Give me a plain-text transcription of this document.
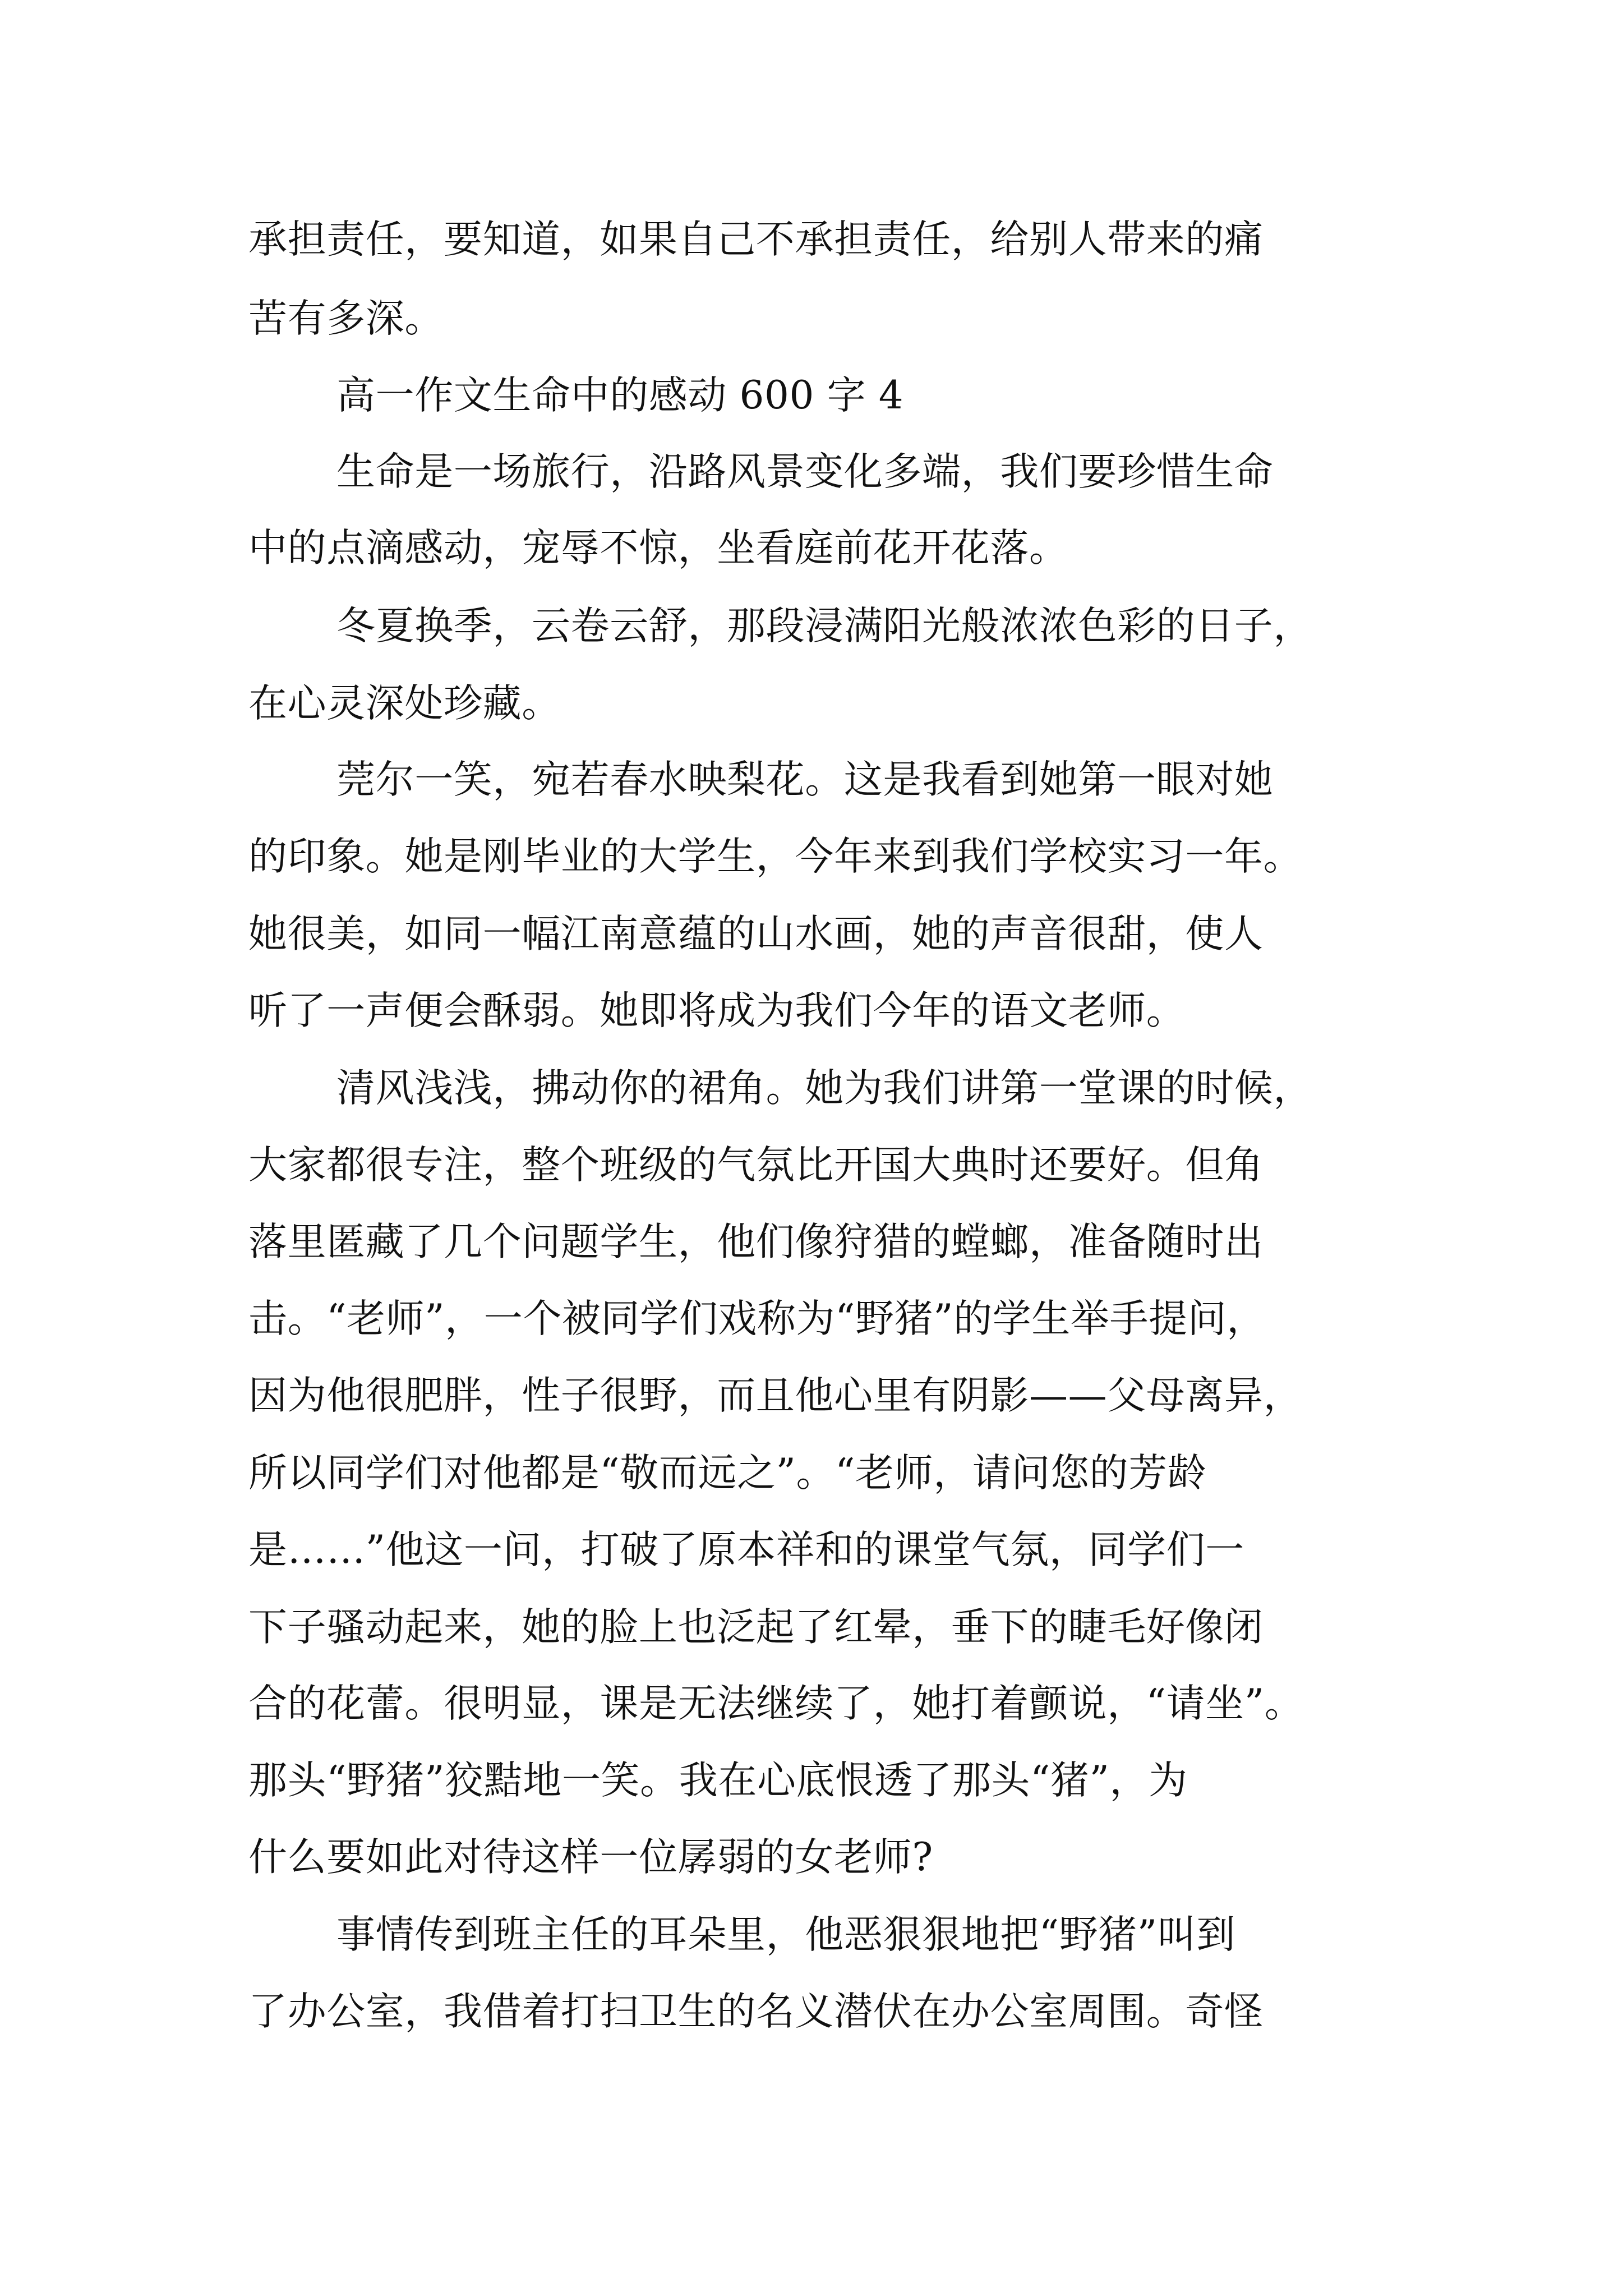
承担责任，要知道，如果自己不承担责任，给别人带来的痛
苦有多深。
高一作文生命中的感动 600 字 4
生命是一场旅行，沿路风景变化多端，我们要珍惜生命
中的点滴感动，宠辱不惊，坐看庭前花开花落。
冬夏换季，云卷云舒，那段浸满阳光般浓浓色彩的日子，
在心灵深处珍藏。
莞尔一笑，宛若春水映梨花。这是我看到她第一眼对她
的印象。她是刚毕业的大学生，今年来到我们学校实习一年。
她很美，如同一幅江南意蕴的山水画，她的声音很甜，使人
听了一声便会酥弱。她即将成为我们今年的语文老师。
清风浅浅，拂动你的裙角。她为我们讲第一堂课的时候，
大家都很专注，整个班级的气氛比开国大典时还要好。但角
落里匿藏了几个问题学生，他们像狩猎的螳螂，准备随时出
击。“老师”，一个被同学们戏称为“野猪”的学生举手提问，
因为他很肥胖，性子很野，而且他心里有阴影——父母离异，
所以同学们对他都是“敬而远之”。“老师，请问您的芳龄
是……”他这一问，打破了原本祥和的课堂气氛，同学们一
下子骚动起来，她的脸上也泛起了红晕，垂下的睫毛好像闭
合的花蕾。很明显，课是无法继续了，她打着颤说，“请坐”。
那头“野猪”狡黠地一笑。我在心底恨透了那头“猪”，为
什么要如此对待这样一位孱弱的女老师?
事情传到班主任的耳朵里，他恶狠狠地把“野猪”叫到
了办公室，我借着打扫卫生的名义潜伏在办公室周围。奇怪
